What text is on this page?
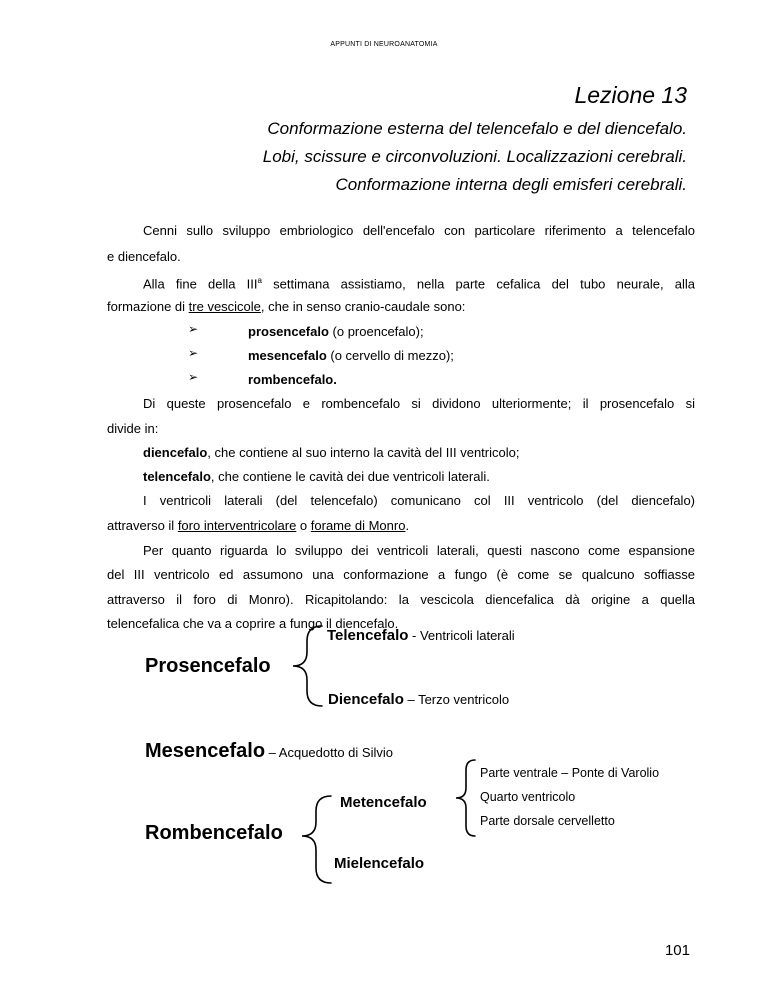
APPUNTI DI NEUROANATOMIA
Lezione 13
Conformazione esterna del telencefalo e del diencefalo.
Lobi, scissure e circonvoluzioni. Localizzazioni cerebrali.
Conformazione interna degli emisferi cerebrali.
Cenni sullo sviluppo embriologico dell'encefalo con particolare riferimento a telencefalo
e diencefalo.
Alla fine della III$^a$ settimana assistiamo, nella parte cefalica del tubo neurale, alla
formazione di tre vescicole, che in senso cranio-caudale sono:
➢	prosencefalo (o proencefalo);
➢	mesencefalo (o cervello di mezzo);
➢	rombencefalo.
Di queste prosencefalo e rombencefalo si dividono ulteriormente; il prosencefalo si
divide in:
diencefalo, che contiene al suo interno la cavità del III ventricolo;
telencefalo, che contiene le cavità dei due ventricoli laterali.
I ventricoli laterali (del telencefalo) comunicano col III ventricolo (del diencefalo)
attraverso il foro interventricolare o forame di Monro.
Per quanto riguarda lo sviluppo dei ventricoli laterali, questi nascono come espansione
del III ventricolo ed assumono una conformazione a fungo (è come se qualcuno soffiasse
attraverso il foro di Monro). Ricapitolando: la vescicola diencefalica dà origine a quella
telencefalica che va a coprire a fungo il diencefalo.
Telencefalo - Ventricoli laterali
Prosencefalo
Diencefalo – Terzo ventricolo
Mesencefalo – Acquedotto di Silvio
Parte ventrale – Ponte di Varolio
Metencefalo	Quarto ventricolo
Parte dorsale cervelletto
Rombencefalo
Mielencefalo
101
